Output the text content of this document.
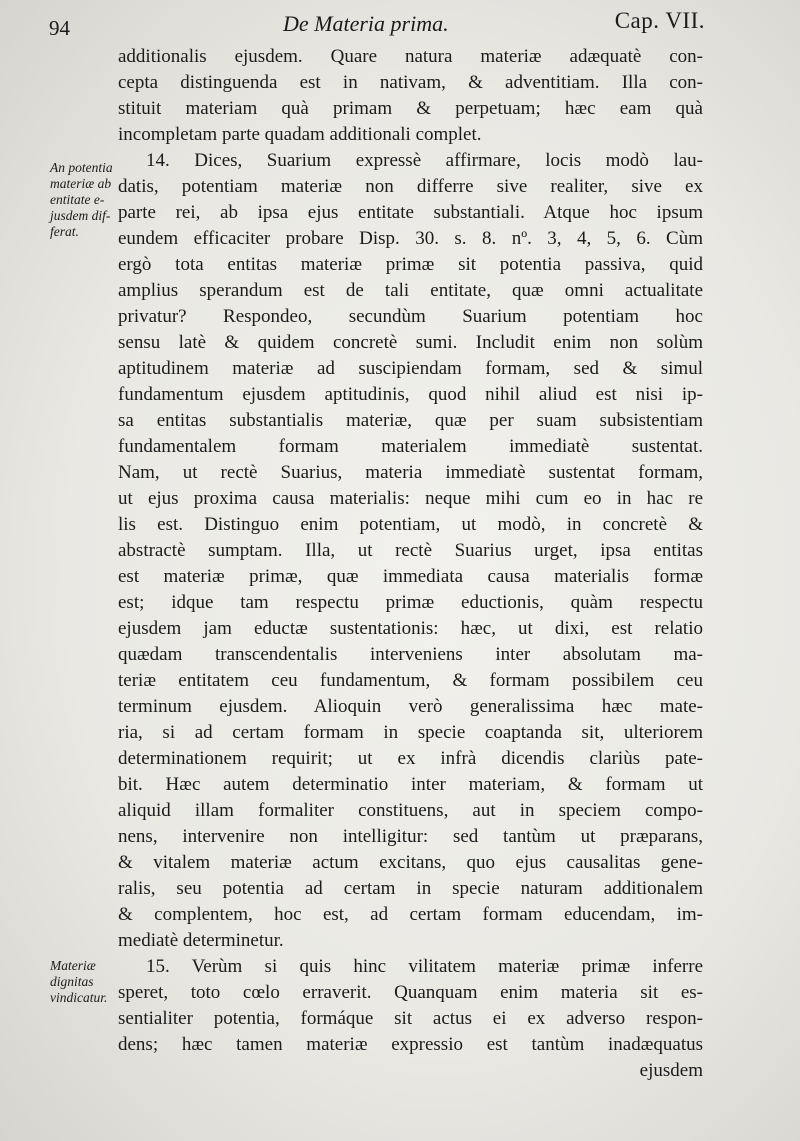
94	De Materia prima.	Cap. VII.
An potentia
materiæ ab
entitate e-
jusdem dif-
ferat.
Materiæ
dignitas
vindicatur.
additionalis ejusdem. Quare natura materiæ adæquatè con-
cepta distinguenda est in nativam, & adventitiam. Illa con-
stituit materiam quà primam & perpetuam; hæc eam quà
incompletam parte quadam additionali complet.
14. Dices, Suarium expressè affirmare, locis modò lau-
datis, potentiam materiæ non differre sive realiter, sive ex
parte rei, ab ipsa ejus entitate substantiali. Atque hoc ipsum
eundem efficaciter probare Disp. 30. s. 8. nº. 3, 4, 5, 6. Cùm
ergò tota entitas materiæ primæ sit potentia passiva, quid
amplius sperandum est de tali entitate, quæ omni actualitate
privatur? Respondeo, secundùm Suarium potentiam hoc
sensu latè & quidem concretè sumi. Includit enim non solùm
aptitudinem materiæ ad suscipiendam formam, sed & simul
fundamentum ejusdem aptitudinis, quod nihil aliud est nisi ip-
sa entitas substantialis materiæ, quæ per suam subsistentiam
fundamentalem formam materialem immediatè sustentat.
Nam, ut rectè Suarius, materia immediatè sustentat formam,
ut ejus proxima causa materialis: neque mihi cum eo in hac re
lis est. Distinguo enim potentiam, ut modò, in concretè &
abstractè sumptam. Illa, ut rectè Suarius urget, ipsa entitas
est materiæ primæ, quæ immediata causa materialis formæ
est; idque tam respectu primæ eductionis, quàm respectu
ejusdem jam eductæ sustentationis: hæc, ut dixi, est relatio
quædam transcendentalis interveniens inter absolutam ma-
teriæ entitatem ceu fundamentum, & formam possibilem ceu
terminum ejusdem. Alioquin verò generalissima hæc mate-
ria, si ad certam formam in specie coaptanda sit, ulteriorem
determinationem requirit; ut ex infrà dicendis clariùs pate-
bit. Hæc autem determinatio inter materiam, & formam ut
aliquid illam formaliter constituens, aut in speciem compo-
nens, intervenire non intelligitur: sed tantùm ut præparans,
& vitalem materiæ actum excitans, quo ejus causalitas gene-
ralis, seu potentia ad certam in specie naturam additionalem
& complentem, hoc est, ad certam formam educendam, im-
mediatè determinetur.
15. Verùm si quis hinc vilitatem materiæ primæ inferre
speret, toto cœlo erraverit. Quanquam enim materia sit es-
sentialiter potentia, formáque sit actus ei ex adverso respon-
dens; hæc tamen materiæ expressio est tantùm inadæquatus
ejusdem
